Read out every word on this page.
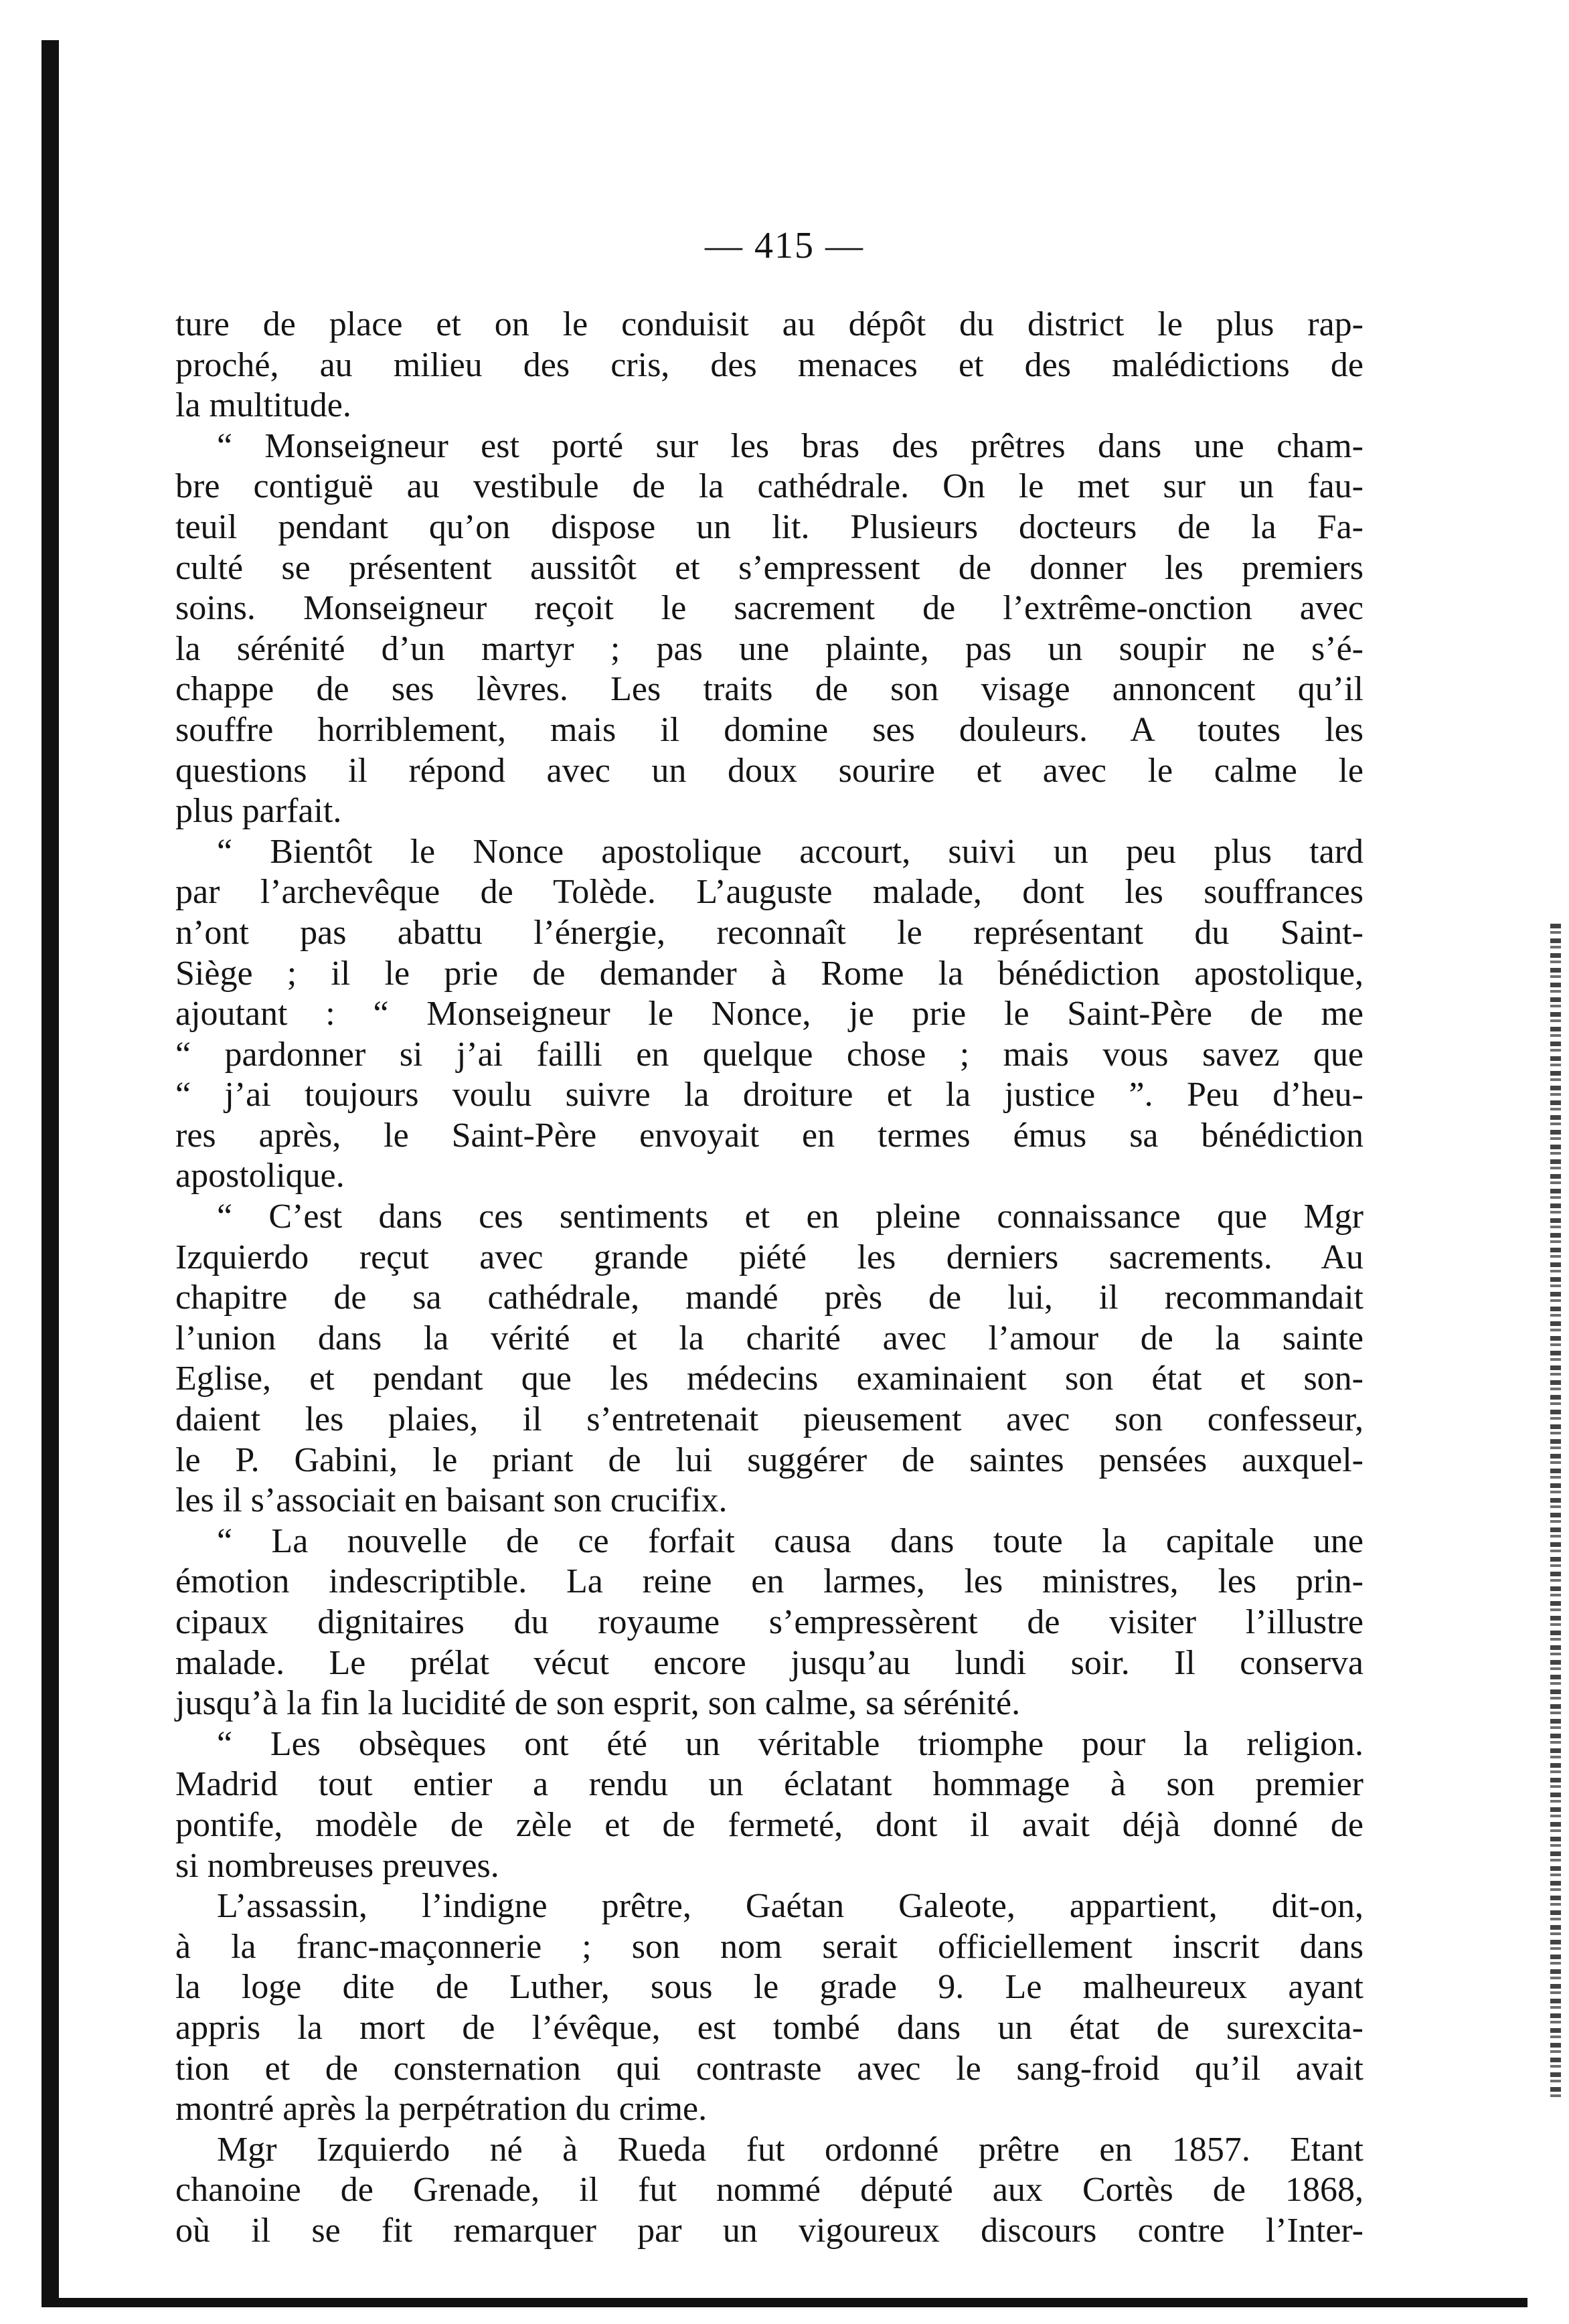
— 415 —
ture de place et on le conduisit au dépôt du district le plus rap-
proché, au milieu des cris, des menaces et des malédictions de
la multitude.
“ Monseigneur est porté sur les bras des prêtres dans une cham-
bre contiguë au vestibule de la cathédrale. On le met sur un fau-
teuil pendant qu’on dispose un lit. Plusieurs docteurs de la Fa-
culté se présentent aussitôt et s’empressent de donner les premiers
soins. Monseigneur reçoit le sacrement de l’extrême-onction avec
la sérénité d’un martyr ; pas une plainte, pas un soupir ne s’é-
chappe de ses lèvres. Les traits de son visage annoncent qu’il
souffre horriblement, mais il domine ses douleurs. A toutes les
questions il répond avec un doux sourire et avec le calme le
plus parfait.
“ Bientôt le Nonce apostolique accourt, suivi un peu plus tard
par l’archevêque de Tolède. L’auguste malade, dont les souffrances
n’ont pas abattu l’énergie, reconnaît le représentant du Saint-
Siège ; il le prie de demander à Rome la bénédiction apostolique,
ajoutant : “ Monseigneur le Nonce, je prie le Saint-Père de me
“ pardonner si j’ai failli en quelque chose ; mais vous savez que
“ j’ai toujours voulu suivre la droiture et la justice ”. Peu d’heu-
res après, le Saint-Père envoyait en termes émus sa bénédiction
apostolique.
“ C’est dans ces sentiments et en pleine connaissance que Mgr
Izquierdo reçut avec grande piété les derniers sacrements. Au
chapitre de sa cathédrale, mandé près de lui, il recommandait
l’union dans la vérité et la charité avec l’amour de la sainte
Eglise, et pendant que les médecins examinaient son état et son-
daient les plaies, il s’entretenait pieusement avec son confesseur,
le P. Gabini, le priant de lui suggérer de saintes pensées auxquel-
les il s’associait en baisant son crucifix.
“ La nouvelle de ce forfait causa dans toute la capitale une
émotion indescriptible. La reine en larmes, les ministres, les prin-
cipaux dignitaires du royaume s’empressèrent de visiter l’illustre
malade. Le prélat vécut encore jusqu’au lundi soir. Il conserva
jusqu’à la fin la lucidité de son esprit, son calme, sa sérénité.
“ Les obsèques ont été un véritable triomphe pour la religion.
Madrid tout entier a rendu un éclatant hommage à son premier
pontife, modèle de zèle et de fermeté, dont il avait déjà donné de
si nombreuses preuves.
L’assassin, l’indigne prêtre, Gaétan Galeote, appartient, dit-on,
à la franc-maçonnerie ; son nom serait officiellement inscrit dans
la loge dite de Luther, sous le grade 9. Le malheureux ayant
appris la mort de l’évêque, est tombé dans un état de surexcita-
tion et de consternation qui contraste avec le sang-froid qu’il avait
montré après la perpétration du crime.
Mgr Izquierdo né à Rueda fut ordonné prêtre en 1857. Etant
chanoine de Grenade, il fut nommé député aux Cortès de 1868,
où il se fit remarquer par un vigoureux discours contre l’Inter-
